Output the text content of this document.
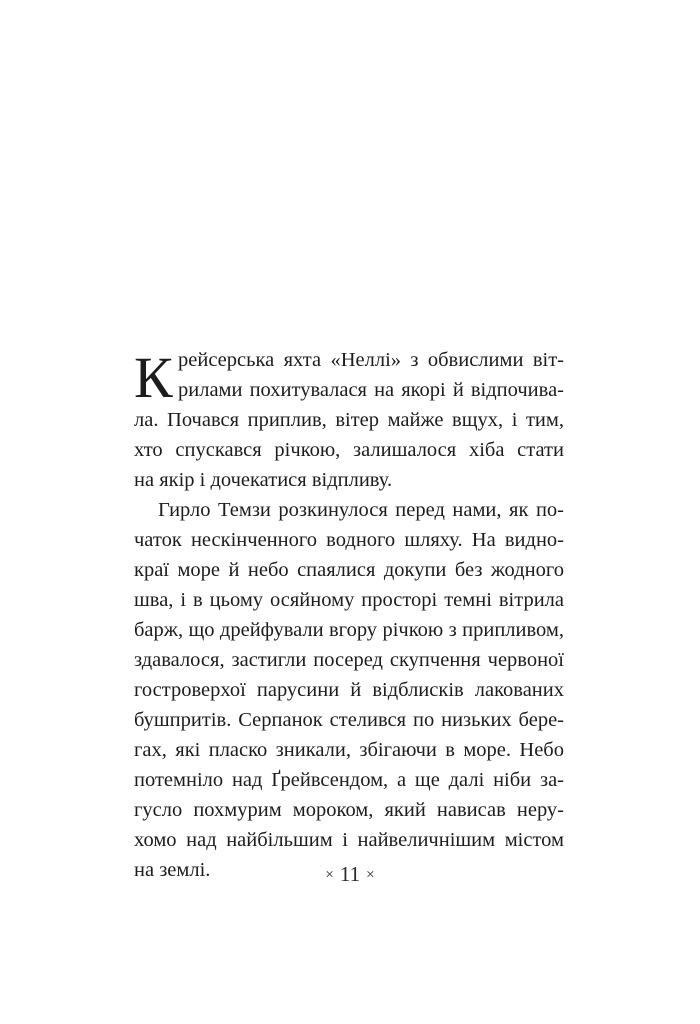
К рейсерська яхта «Неллі» з обвислими віт-
рилами похитувалася на якорі й відпочива-
ла. Почався приплив, вітер майже вщух, і тим,
хто спускався річкою, залишалося хіба стати
на якір і дочекатися відпливу.
Гирло Темзи розкинулося перед нами, як по-
чаток нескінченного водного шляху. На видно-
краї море й небо спаялися докупи без жодного
шва, і в цьому осяйному просторі темні вітрила
барж, що дрейфували вгору річкою з припливом,
здавалося, застигли посеред скупчення червоної
гостроверхої парусини й відблисків лакованих
бушпритів. Серпанок стелився по низьких бере-
гах, які пласко зникали, збігаючи в море. Небо
потемніло над Ґрейвсендом, а ще далі ніби за-
гусло похмурим мороком, який нависав неру-
хомо над найбільшим і найвеличнішим містом
на землі.	× 11 ×
